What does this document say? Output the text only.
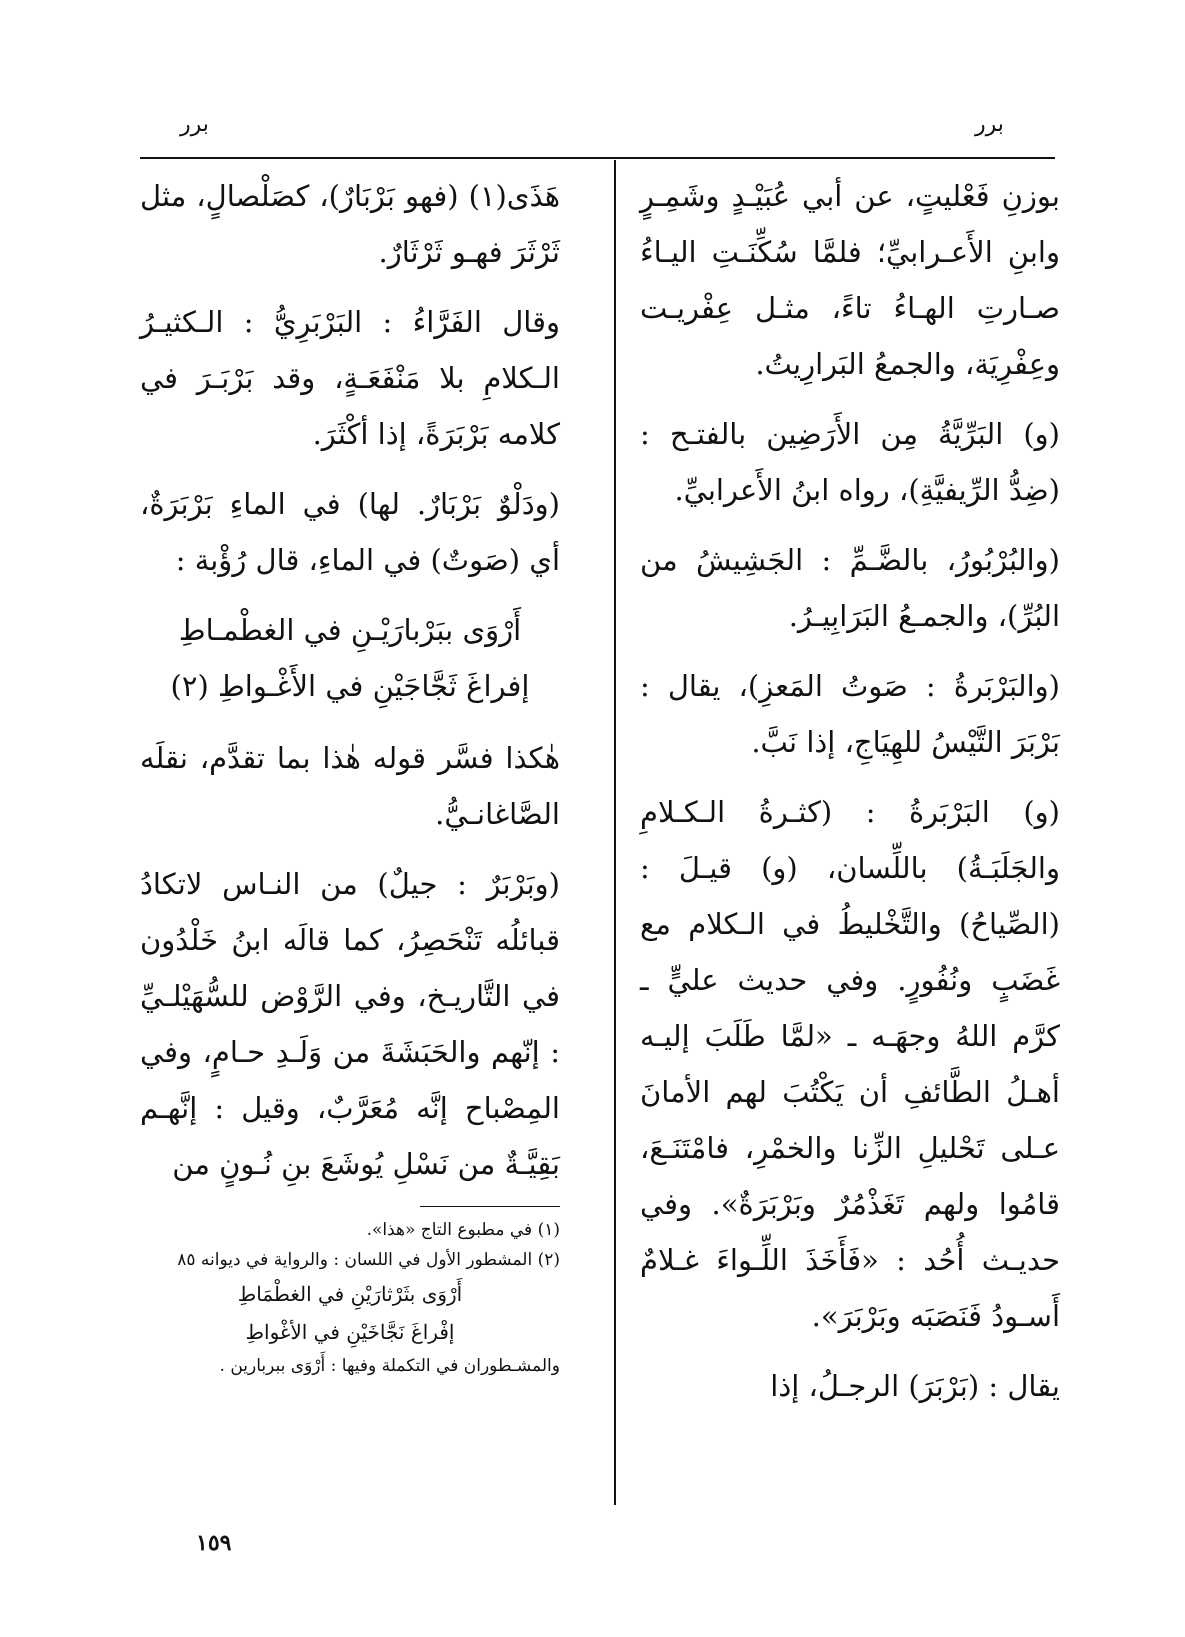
برر	برر

بوزنِ فَعْليتٍ، عن أبي عُبَيْـدٍ وشَمِـرٍ وابنِ الأَعـرابيِّ؛ فلمَّا سُكِّنَـتِ اليـاءُ صـارتِ الهـاءُ تاءً، مثـل عِفْريـت وعِفْرِيَة، والجمعُ البَرارِيتُ.

(و) البَرِّيَّةُ مِن الأَرَضِين بالفتـح : (ضِدُّ الرِّيفيَّةِ)، رواه ابنُ الأَعرابيِّ.

(والبُرْبُورُ، بالضَّـمِّ : الجَشِيشُ من البُرِّ)، والجمـعُ البَرَابِيـرُ.

(والبَرْبَرةُ : صَوتُ المَعزِ)، يقال : بَرْبَرَ التَّيْسُ للهِيَاجِ، إذا نَبَّ.

(و) البَرْبَرةُ : (كثـرةُ الـكـلامِ والجَلَبَـةُ) باللِّسان، (و) قيـلَ : (الصِّياحُ) والتَّخْليطُ في الـكلام مع غَضَبٍ ونُفُورٍ. وفي حديث عليٍّ ـ كرَّم اللهُ وجهَـه ـ «لمَّا طَلَبَ إليـه أهـلُ الطَّائفِ أن يَكْتُبَ لهم الأمانَ عـلى تَحْليلِ الزِّنا والخمْرِ، فامْتَنَـعَ، قامُوا ولهم تَغَذْمُرٌ وبَرْبَرَةٌ». وفي حديـث أُحُد : «فَأَخَذَ اللِّـواءَ غـلامٌ أَسـودُ فَنَصَبَه وبَرْبَرَ».

يقال : (بَرْبَرَ) الرجـلُ، إذا

هَذَى(١) (فهو بَرْبَارٌ)، كصَلْصالٍ، مثل ثَرْثَرَ فهـو ثَرْثَارٌ.

وقال الفَرَّاءُ : البَرْبَرِيُّ : الـكثيـرُ الـكلامِ بلا مَنْفَعَـةٍ، وقد بَرْبَـرَ في كلامه بَرْبَرَةً، إذا أكْثَرَ.

(ودَلْوٌ بَرْبَارٌ. لها) في الماءِ بَرْبَرَةٌ، أي (صَوتٌ) في الماءِ، قال رُؤْبة :

أَرْوَى ببَرْبارَيْـنِ في الغطْمـاطِ
إفراغَ ثَجَّاجَيْنِ في الأَغْـواطِ (٢)

هٰكذا فسَّر قوله هٰذا بما تقدَّم، نقلَه الصَّاغانـيُّ.

(وبَرْبَرٌ : جيلٌ) من النـاس لاتكادُ قبائلُه تَنْحَصِرُ، كما قالَه ابنُ خَلْدُون في التَّاريـخ، وفي الرَّوْض للسُّهَيْلـيِّ : إنّهم والحَبَشَةَ من وَلَـدِ حـامٍ، وفي المِصْباح إنَّه مُعَرَّبٌ، وقيل : إنَّهـم بَقِيَّـةٌ من نَسْلِ يُوشَعَ بنِ نُـونٍ من

(١) في مطبوع التاج «هذا».

(٢) المشطور الأول في اللسان : والرواية في ديوانه ٨٥

أَرْوَى بثَرْثارَيْنِ في الغطْمَاطِ
إفْراغَ نَجَّاخَيْنِ في الأغْواطِ

والمشـطوران في التكملة وفيها : أَرْوَى ببربارين .

١٥٩
